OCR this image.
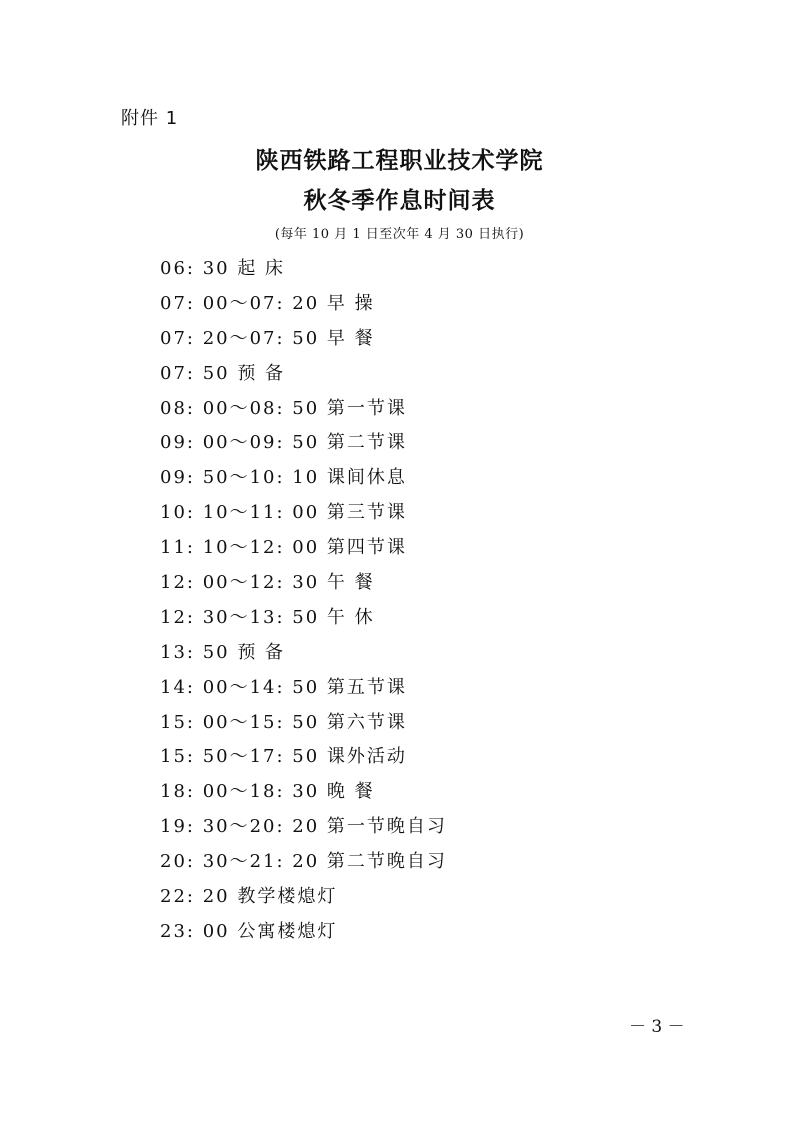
附件 1
陕西铁路工程职业技术学院
秋冬季作息时间表
(每年 10 月 1 日至次年 4 月 30 日执行)
06: 30 起 床
07: 00～07: 20 早 操
07: 20～07: 50 早 餐
07: 50 预 备
08: 00～08: 50 第一节课
09: 00～09: 50 第二节课
09: 50～10: 10 课间休息
10: 10～11: 00 第三节课
11: 10～12: 00 第四节课
12: 00～12: 30 午 餐
12: 30～13: 50 午 休
13: 50 预 备
14: 00～14: 50 第五节课
15: 00～15: 50 第六节课
15: 50～17: 50 课外活动
18: 00～18: 30 晚 餐
19: 30～20: 20 第一节晚自习
20: 30～21: 20 第二节晚自习
22: 20 教学楼熄灯
23: 00 公寓楼熄灯
－ 3 －
